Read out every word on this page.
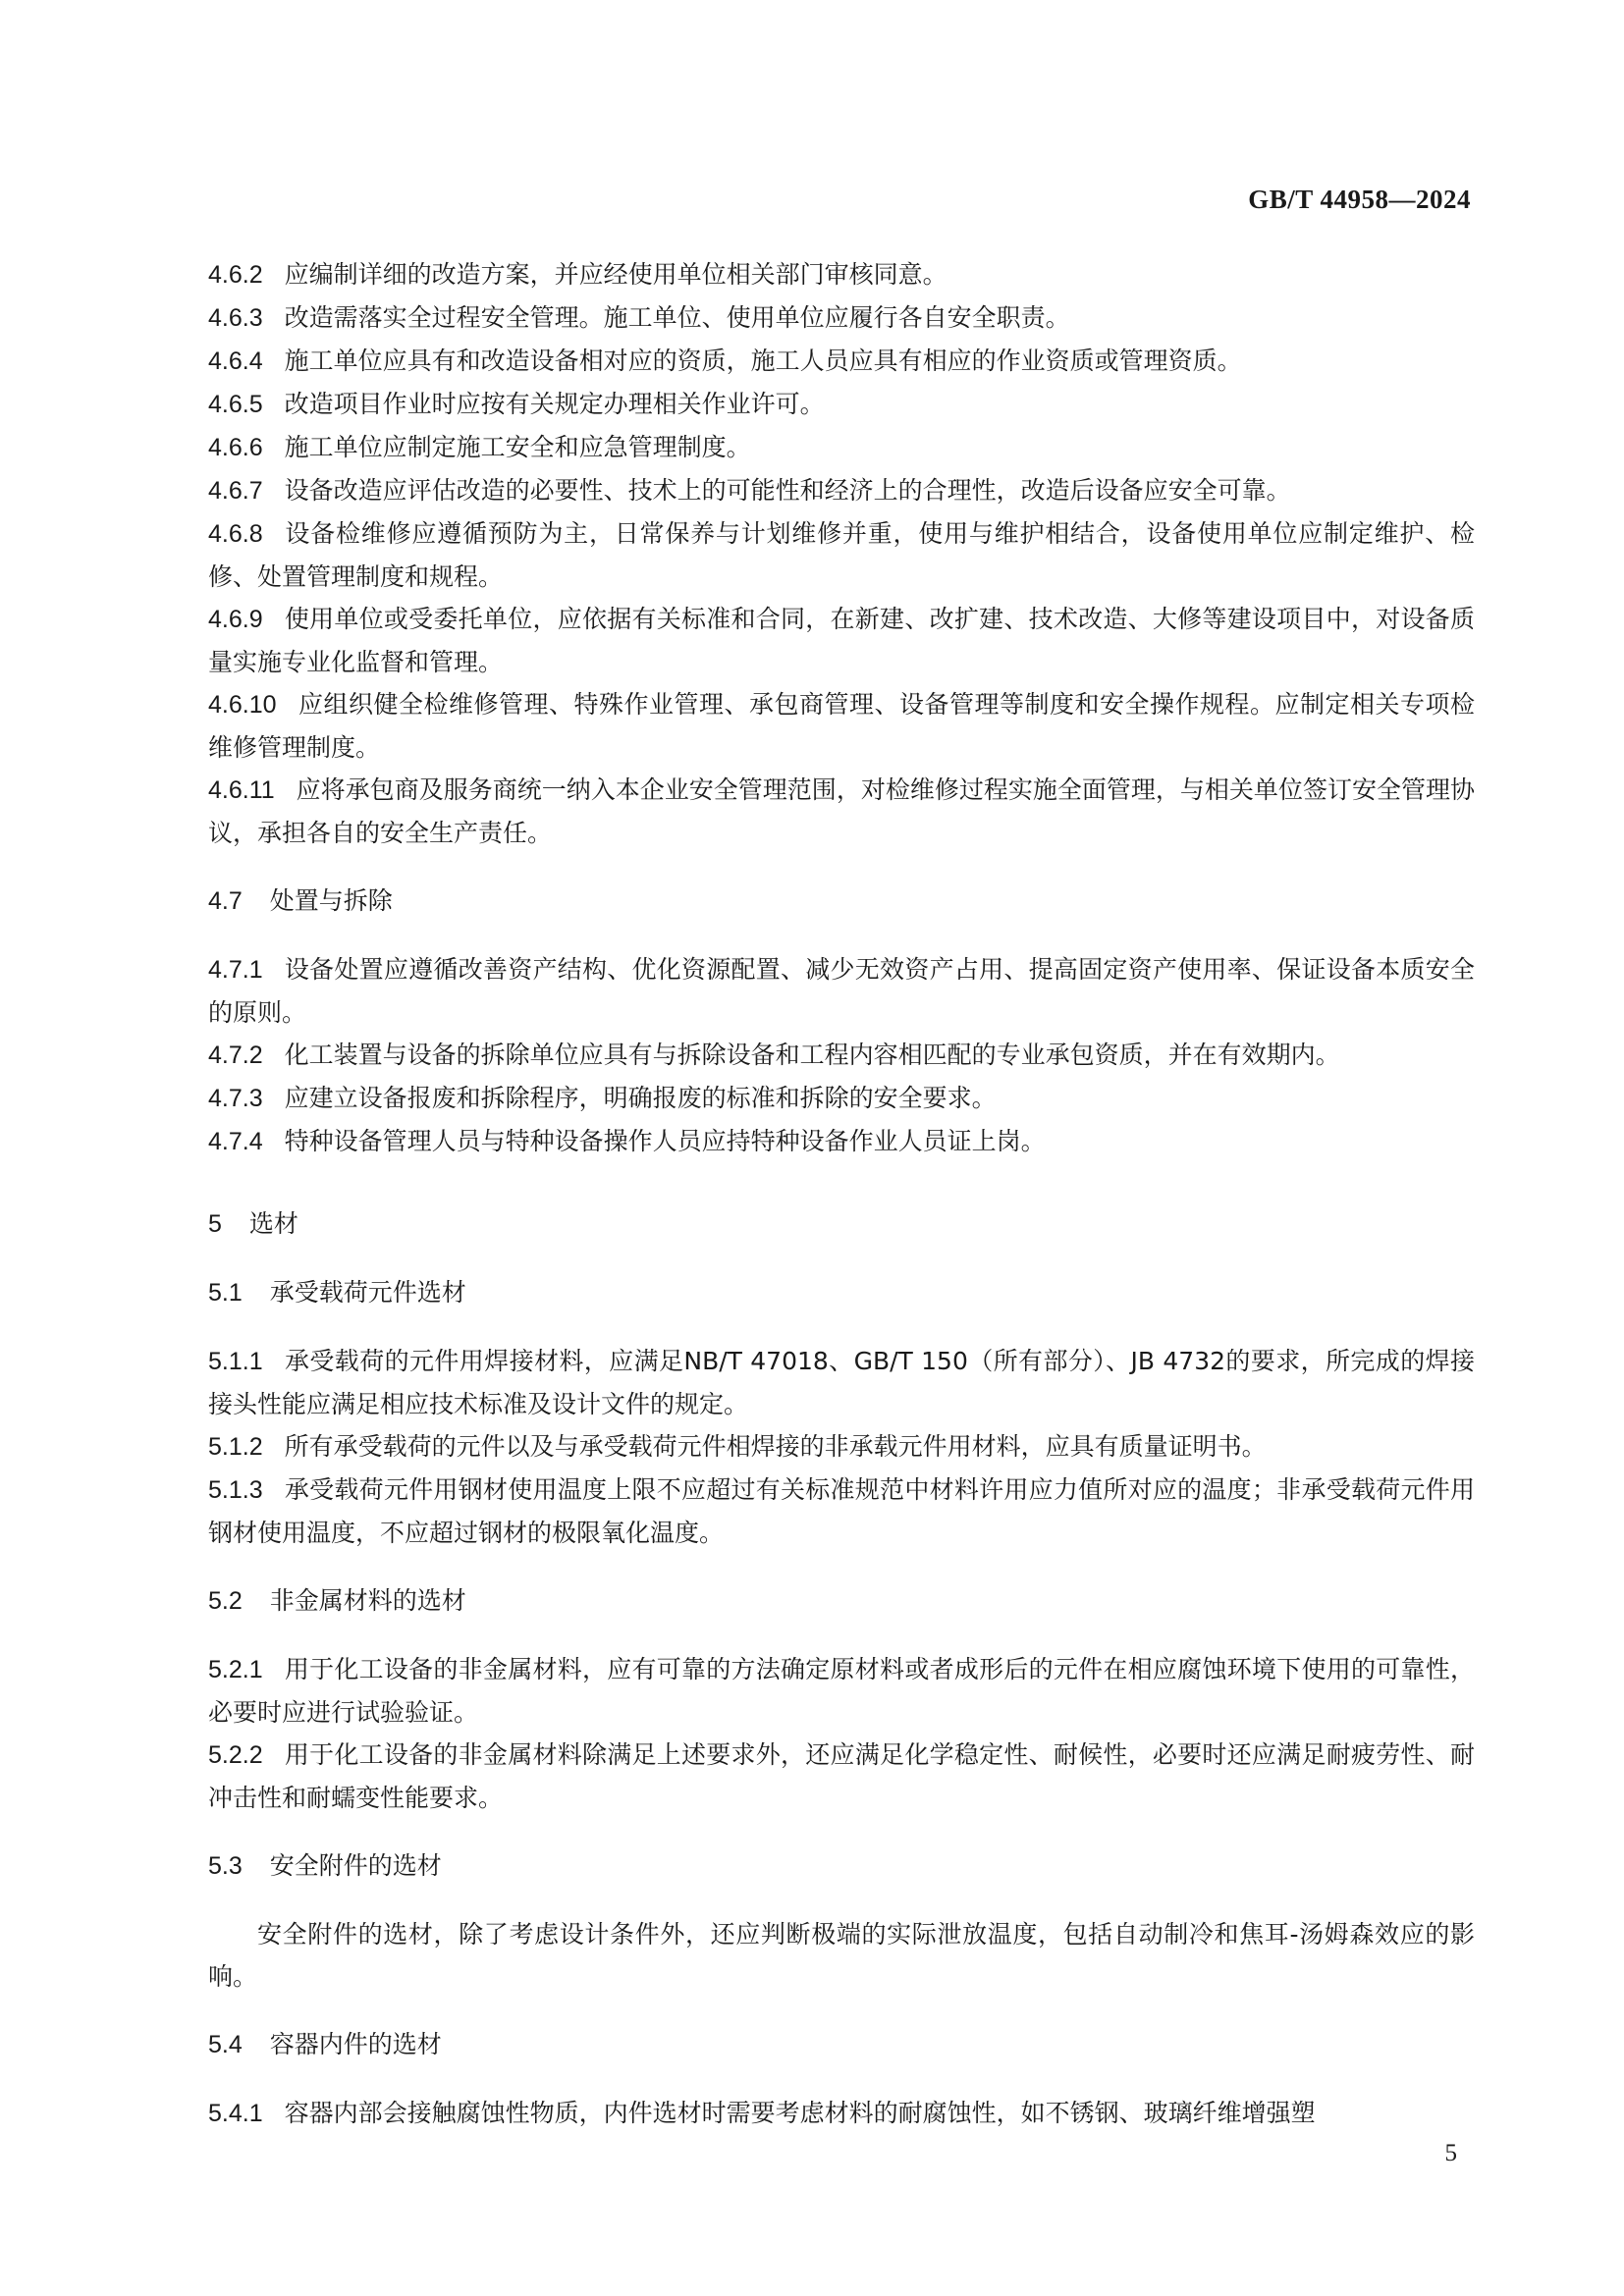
GB/T 44958—2024

4.6.2 应编制详细的改造方案，并应经使用单位相关部门审核同意。

4.6.3 改造需落实全过程安全管理。施工单位、使用单位应履行各自安全职责。

4.6.4 施工单位应具有和改造设备相对应的资质，施工人员应具有相应的作业资质或管理资质。

4.6.5 改造项目作业时应按有关规定办理相关作业许可。

4.6.6 施工单位应制定施工安全和应急管理制度。

4.6.7 设备改造应评估改造的必要性、技术上的可能性和经济上的合理性，改造后设备应安全可靠。

4.6.8 设备检维修应遵循预防为主，日常保养与计划维修并重，使用与维护相结合，设备使用单位应制定维护、检修、处置管理制度和规程。

4.6.9 使用单位或受委托单位，应依据有关标准和合同，在新建、改扩建、技术改造、大修等建设项目中，对设备质量实施专业化监督和管理。

4.6.10 应组织健全检维修管理、特殊作业管理、承包商管理、设备管理等制度和安全操作规程。应制定相关专项检维修管理制度。

4.6.11 应将承包商及服务商统一纳入本企业安全管理范围，对检维修过程实施全面管理，与相关单位签订安全管理协议，承担各自的安全生产责任。

4.7 处置与拆除

4.7.1 设备处置应遵循改善资产结构、优化资源配置、减少无效资产占用、提高固定资产使用率、保证设备本质安全的原则。

4.7.2 化工装置与设备的拆除单位应具有与拆除设备和工程内容相匹配的专业承包资质，并在有效期内。

4.7.3 应建立设备报废和拆除程序，明确报废的标准和拆除的安全要求。

4.7.4 特种设备管理人员与特种设备操作人员应持特种设备作业人员证上岗。

5 选材
5.1 承受载荷元件选材

5.1.1 承受载荷的元件用焊接材料，应满足NB/T 47018、GB/T 150（所有部分）、JB 4732的要求，所完成的焊接接头性能应满足相应技术标准及设计文件的规定。

5.1.2 所有承受载荷的元件以及与承受载荷元件相焊接的非承载元件用材料，应具有质量证明书。

5.1.3 承受载荷元件用钢材使用温度上限不应超过有关标准规范中材料许用应力值所对应的温度；非承受载荷元件用钢材使用温度，不应超过钢材的极限氧化温度。

5.2 非金属材料的选材

5.2.1 用于化工设备的非金属材料，应有可靠的方法确定原材料或者成形后的元件在相应腐蚀环境下使用的可靠性，必要时应进行试验验证。

5.2.2 用于化工设备的非金属材料除满足上述要求外，还应满足化学稳定性、耐候性，必要时还应满足耐疲劳性、耐冲击性和耐蠕变性能要求。

5.3 安全附件的选材

安全附件的选材，除了考虑设计条件外，还应判断极端的实际泄放温度，包括自动制冷和焦耳-汤姆森效应的影响。

5.4 容器内件的选材

5.4.1 容器内部会接触腐蚀性物质，内件选材时需要考虑材料的耐腐蚀性，如不锈钢、玻璃纤维增强塑

5
